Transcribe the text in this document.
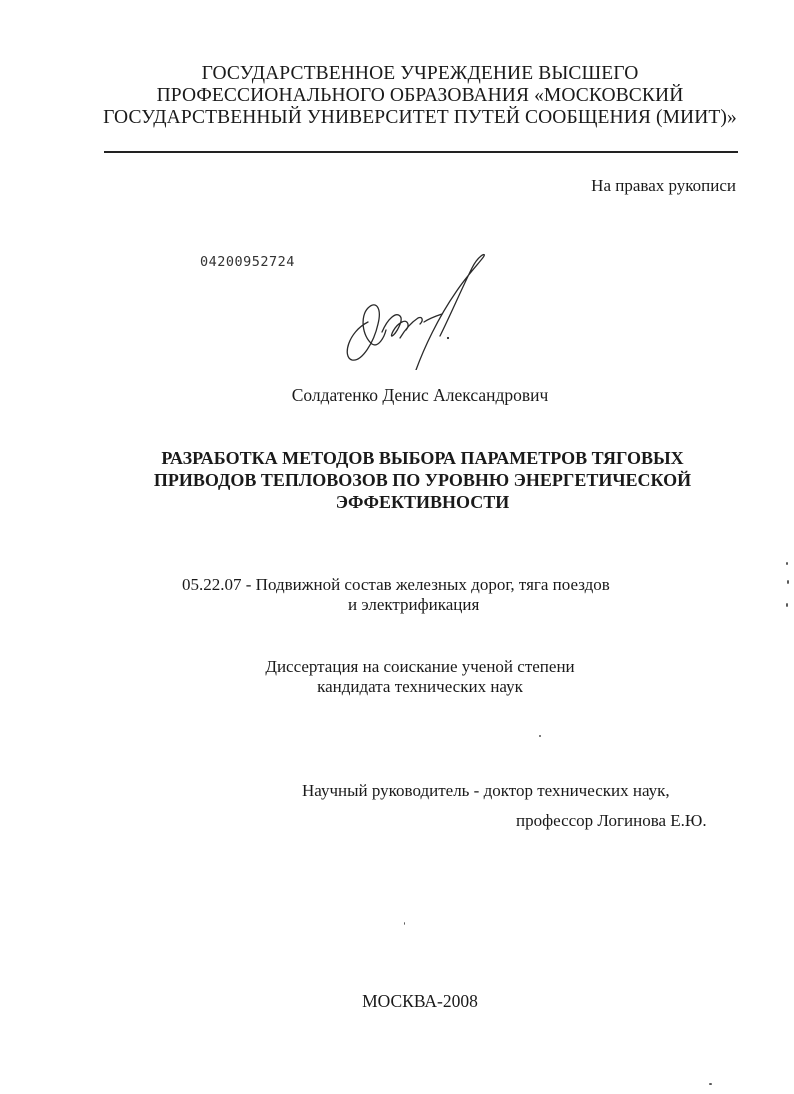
ГОСУДАРСТВЕННОЕ УЧРЕЖДЕНИЕ ВЫСШЕГО
ПРОФЕССИОНАЛЬНОГО ОБРАЗОВАНИЯ «МОСКОВСКИЙ
ГОСУДАРСТВЕННЫЙ УНИВЕРСИТЕТ ПУТЕЙ СООБЩЕНИЯ (МИИТ)»
На правах рукописи
04200952724
Солдатенко Денис Александрович
РАЗРАБОТКА МЕТОДОВ ВЫБОРА ПАРАМЕТРОВ ТЯГОВЫХ
ПРИВОДОВ ТЕПЛОВОЗОВ ПО УРОВНЮ ЭНЕРГЕТИЧЕСКОЙ
ЭФФЕКТИВНОСТИ
05.22.07 - Подвижной состав железных дорог, тяга поездов
и электрификация
Диссертация на соискание ученой степени
кандидата технических наук
Научный руководитель - доктор технических наук,
профессор Логинова Е.Ю.
МОСКВА-2008
